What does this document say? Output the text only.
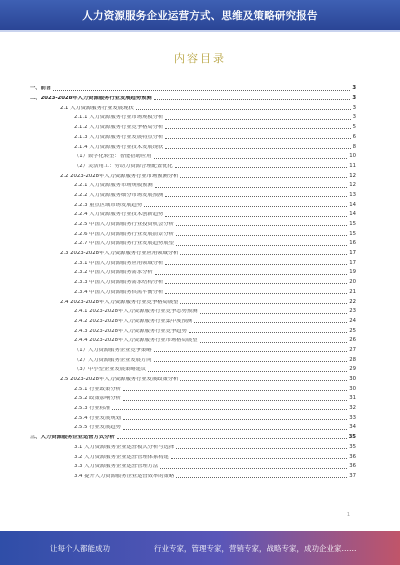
人力资源服务企业运营方式、思维及策略研究报告
内容目录
一、前言	3
二、2023-2028年人力资源服务行业发展趋势预测	3
2.1 人力资源服务行业发展现状	3
2.1.1 人力资源服务行业市场规模分析	3
2.1.2 人力资源服务行业竞争格局分析	5
2.1.3 人力资源服务行业发展特点分析	6
2.1.4 人力资源服务行业技术发展现状	8
（1）数字化转型：智能招聘应用	10
（2）灵活用工：劳动力资源合理配置优化	11
2.2 2023-2028年人力资源服务行业市场预测分析	12
2.2.1 人力资源服务市场规模预测	12
2.2.2 人力资源服务细分市场发展预测	13
2.2.3 重点区域市场发展趋势	14
2.2.4 人力资源服务行业技术创新趋势	14
2.2.5 中国人力资源服务行业投资机会分析	15
2.2.6 中国人力资源服务行业发展前景分析	15
2.2.7 中国人力资源服务行业发展趋势展望	16
2.3 2023-2028年人力资源服务行业应用领域分析	17
2.3.1 中国人力资源服务应用领域分析	17
2.3.2 中国人力资源服务需求分析	19
2.3.3 中国人力资源服务需求结构分析	20
2.3.4 中国人力资源服务供需平衡分析	21
2.4 2023-2028年人力资源服务行业竞争格局展望	22
2.4.1 2023-2028年人力资源服务行业竞争态势预测	23
2.4.2 2023-2028年人力资源服务行业集中度预测	24
2.4.3 2023-2028年人力资源服务行业竞争趋势	25
2.4.4 2023-2028年人力资源服务行业市场格局展望	26
（1）人力资源服务企业竞争策略	27
（2）人力资源服务企业发展方向	28
（3）中小型企业发展策略建议	29
2.5 2023-2028年人力资源服务行业发展政策分析	30
2.5.1 行业政策分析	30
2.5.2 政策影响分析	31
2.5.3 行业标准	32
2.5.4 行业发展规划	33
2.5.5 行业发展趋势	34
三、人力资源服务企业运营方式分析	35
3.1 人力资源服务企业运营模式分析与选择	35
3.2 人力资源服务企业运营管理体系构建	36
3.3 人力资源服务企业运营管理方法	36
3.4 提升人力资源服务企业运营效率的策略	37
1
让每个人都能成功	行业专家，管理专家，营销专家，战略专家，成功企业家……
